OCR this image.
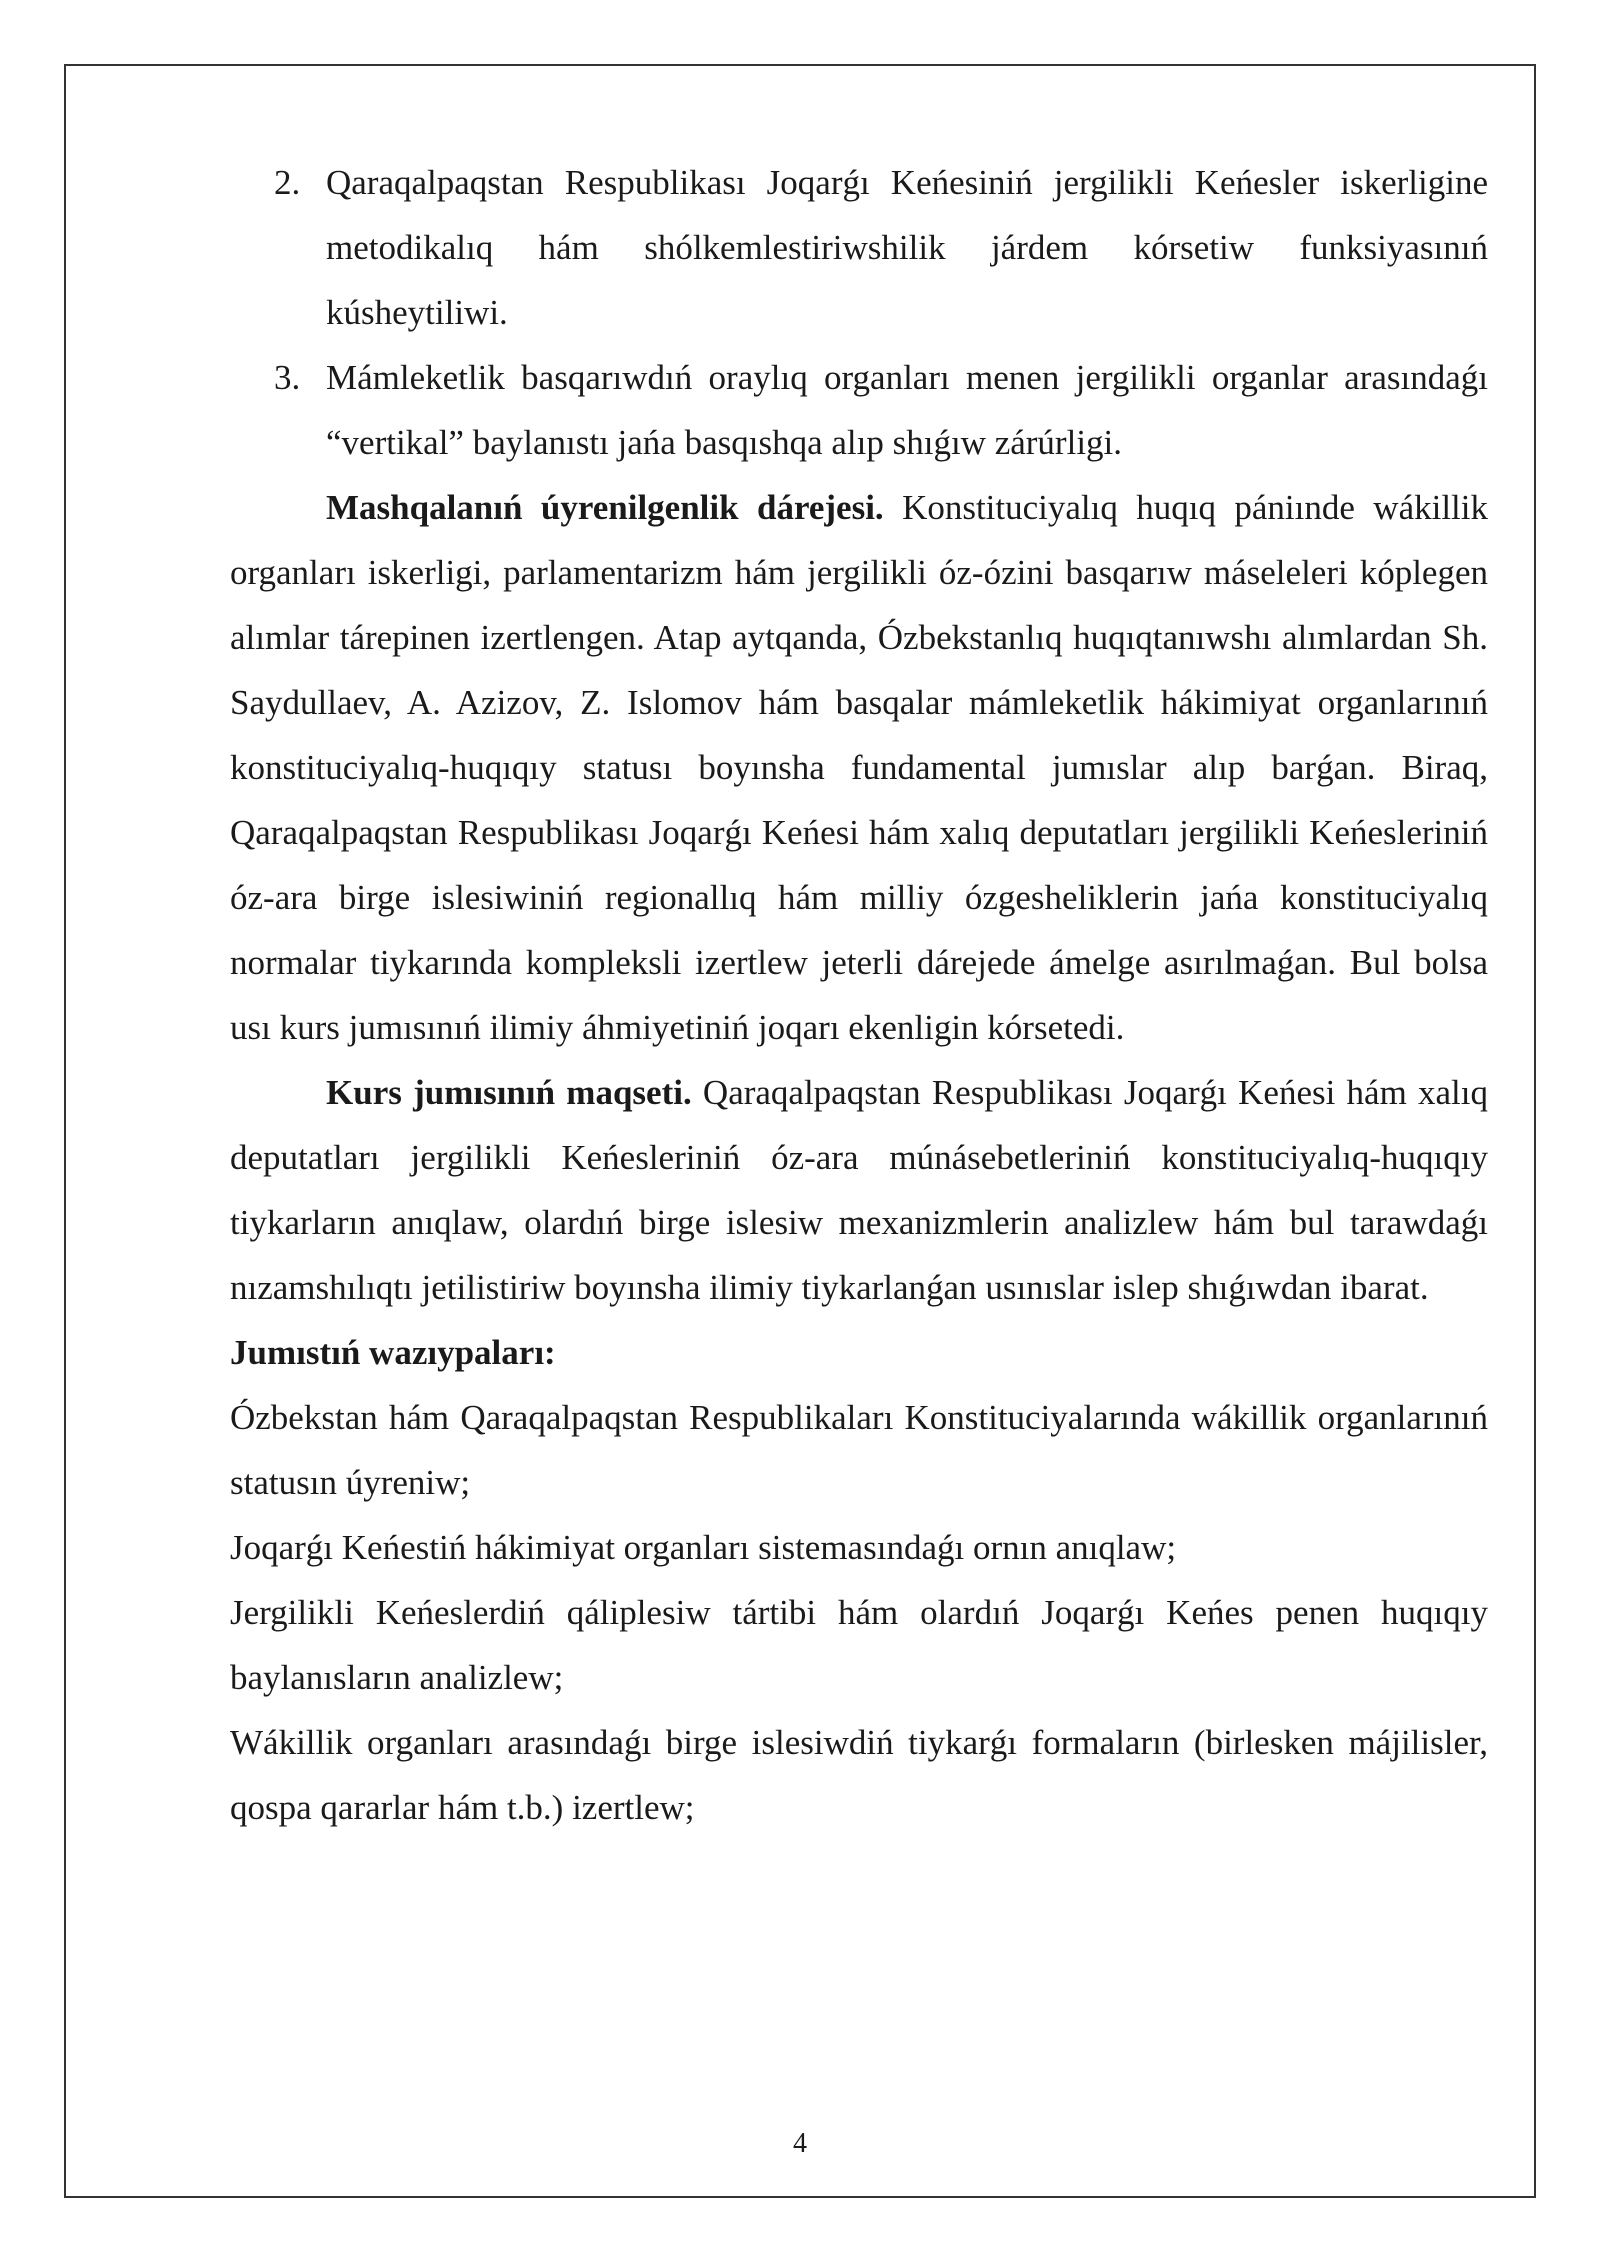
2. Qaraqalpaqstan Respublikası Joqarǵı Keńesiniń jergilikli Keńesler iskerligine metodikalıq hám shólkemlestiriwshilik járdem kórsetiw funksiyasınıń kúsheytiliwi.
3. Mámleketlik basqarıwdıń oraylıq organları menen jergilikli organlar arasındaǵı “vertikal” baylanıstı jańa basqıshqa alıp shıǵıw zárúrligi.

Mashqalanıń úyrenilgenlik dárejesi. Konstituciyalıq huqıq pániınde wákillik organları iskerligi, parlamentarizm hám jergilikli óz-ózini basqarıw máseleleri kóplegen alımlar tárepinen izertlengen. Atap aytqanda, Ózbekstanlıq huqıqtanıwshı alımlardan Sh. Saydullaev, A. Azizov, Z. Islomov hám basqalar mámleketlik hákimiyat organlarınıń konstituciyalıq-huqıqıy statusı boyınsha fundamental jumıslar alıp barǵan. Biraq, Qaraqalpaqstan Respublikası Joqarǵı Keńesi hám xalıq deputatları jergilikli Keńesleriniń óz-ara birge islesiwiniń regionallıq hám milliy ózgesheliklerin jańa konstituciyalıq normalar tiykarında kompleksli izertlew jeterli dárejede ámelge asırılmaǵan. Bul bolsa usı kurs jumısınıń ilimiy áhmiyetiniń joqarı ekenligin kórsetedi.

Kurs jumısınıń maqseti. Qaraqalpaqstan Respublikası Joqarǵı Keńesi hám xalıq deputatları jergilikli Keńesleriniń óz-ara múnásebetleriniń konstituciyalıq-huqıqıy tiykarların anıqlaw, olardıń birge islesiw mexanizmlerin analizlew hám bul tarawdaǵı nızamshılıqtı jetilistiriw boyınsha ilimiy tiykarlanǵan usınıslar islep shıǵıwdan ibarat.

Jumıstıń wazıypaları:

Ózbekstan hám Qaraqalpaqstan Respublikaları Konstituciyalarında wákillik organlarınıń statusın úyreniw;

Joqarǵı Keńestiń hákimiyat organları sistemasındaǵı ornın anıqlaw;

Jergilikli Keńeslerdiń qáliplesiw tártibi hám olardıń Joqarǵı Keńes penen huqıqıy baylanısların analizlew;

Wákillik organları arasındaǵı birge islesiwdiń tiykarǵı formaların (birlesken májilisler, qospa qararlar hám t.b.) izertlew;

4
